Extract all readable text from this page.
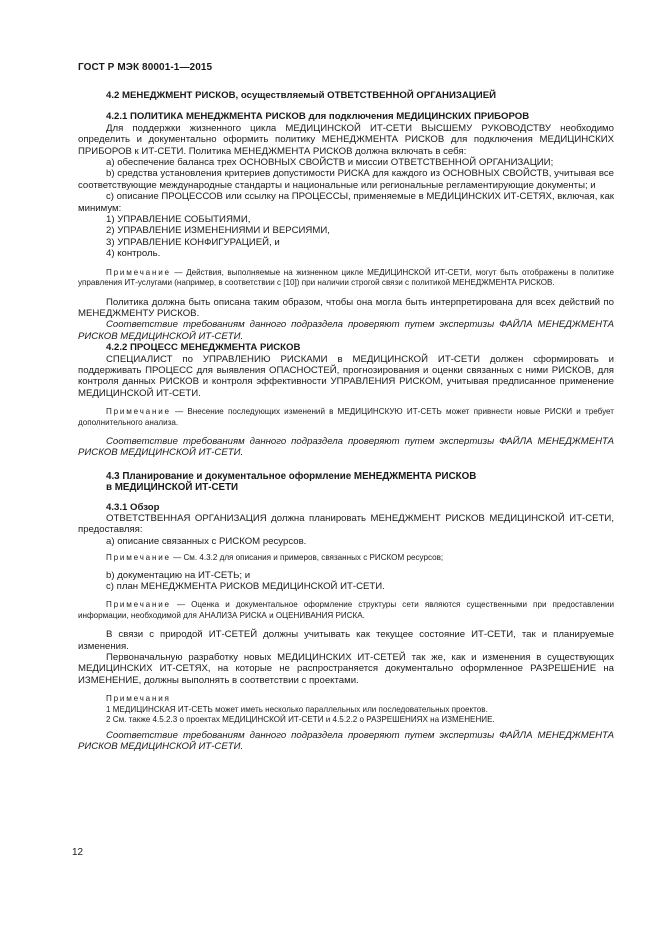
ГОСТ Р МЭК 80001-1—2015

4.2 МЕНЕДЖМЕНТ РИСКОВ, осуществляемый ОТВЕТСТВЕННОЙ ОРГАНИЗАЦИЕЙ

4.2.1 ПОЛИТИКА МЕНЕДЖМЕНТА РИСКОВ для подключения МЕДИЦИНСКИХ ПРИБОРОВ

Для поддержки жизненного цикла МЕДИЦИНСКОЙ ИТ-СЕТИ ВЫСШЕМУ РУКОВОДСТВУ необходимо определить и документально оформить политику МЕНЕДЖМЕНТА РИСКОВ для подключения МЕДИЦИНСКИХ ПРИБОРОВ к ИТ-СЕТИ. Политика МЕНЕДЖМЕНТА РИСКОВ должна включать в себя:

a) обеспечение баланса трех ОСНОВНЫХ СВОЙСТВ и миссии ОТВЕТСТВЕННОЙ ОРГАНИЗАЦИИ;

b) средства установления критериев допустимости РИСКА для каждого из ОСНОВНЫХ СВОЙСТВ, учитывая все соответствующие международные стандарты и национальные или региональные регламентирующие документы; и

c) описание ПРОЦЕССОВ или ссылку на ПРОЦЕССЫ, применяемые в МЕДИЦИНСКИХ ИТ-СЕТЯХ, включая, как минимум:

1) УПРАВЛЕНИЕ СОБЫТИЯМИ,

2) УПРАВЛЕНИЕ ИЗМЕНЕНИЯМИ И ВЕРСИЯМИ,

3) УПРАВЛЕНИЕ КОНФИГУРАЦИЕЙ, и

4) контроль.

Примечание — Действия, выполняемые на жизненном цикле МЕДИЦИНСКОЙ ИТ-СЕТИ, могут быть отображены в политике управления ИТ-услугами (например, в соответствии с [10]) при наличии строгой связи с политикой МЕНЕДЖМЕНТА РИСКОВ.

Политика должна быть описана таким образом, чтобы она могла быть интерпретирована для всех действий по МЕНЕДЖМЕНТУ РИСКОВ.

Соответствие требованиям данного подраздела проверяют путем экспертизы ФАЙЛА МЕНЕДЖМЕНТА РИСКОВ МЕДИЦИНСКОЙ ИТ-СЕТИ.

4.2.2 ПРОЦЕСС МЕНЕДЖМЕНТА РИСКОВ

СПЕЦИАЛИСТ по УПРАВЛЕНИЮ РИСКАМИ в МЕДИЦИНСКОЙ ИТ-СЕТИ должен сформировать и поддерживать ПРОЦЕСС для выявления ОПАСНОСТЕЙ, прогнозирования и оценки связанных с ними РИСКОВ, для контроля данных РИСКОВ и контроля эффективности УПРАВЛЕНИЯ РИСКОМ, учитывая предписанное применение МЕДИЦИНСКОЙ ИТ-СЕТИ.

Примечание — Внесение последующих изменений в МЕДИЦИНСКУЮ ИТ-СЕТЬ может привнести новые РИСКИ и требует дополнительного анализа.

Соответствие требованиям данного подраздела проверяют путем экспертизы ФАЙЛА МЕНЕДЖМЕНТА РИСКОВ МЕДИЦИНСКОЙ ИТ-СЕТИ.

4.3 Планирование и документальное оформление МЕНЕДЖМЕНТА РИСКОВ

в МЕДИЦИНСКОЙ ИТ-СЕТИ

4.3.1 Обзор

ОТВЕТСТВЕННАЯ ОРГАНИЗАЦИЯ должна планировать МЕНЕДЖМЕНТ РИСКОВ МЕДИЦИНСКОЙ ИТ-СЕТИ, предоставляя:

a) описание связанных с РИСКОМ ресурсов.

Примечание — См. 4.3.2 для описания и примеров, связанных с РИСКОМ ресурсов;

b) документацию на ИТ-СЕТЬ; и

c) план МЕНЕДЖМЕНТА РИСКОВ МЕДИЦИНСКОЙ ИТ-СЕТИ.

Примечание — Оценка и документальное оформление структуры сети являются существенными при предоставлении информации, необходимой для АНАЛИЗА РИСКА и ОЦЕНИВАНИЯ РИСКА.

В связи с природой ИТ-СЕТЕЙ должны учитывать как текущее состояние ИТ-СЕТИ, так и планируемые изменения.

Первоначальную разработку новых МЕДИЦИНСКИХ ИТ-СЕТЕЙ так же, как и изменения в существующих МЕДИЦИНСКИХ ИТ-СЕТЯХ, на которые не распространяется документально оформленное РАЗРЕШЕНИЕ на ИЗМЕНЕНИЕ, должны выполнять в соответствии с проектами.

Примечания

1 МЕДИЦИНСКАЯ ИТ-СЕТЬ может иметь несколько параллельных или последовательных проектов.

2 См. также 4.5.2.3 о проектах МЕДИЦИНСКОЙ ИТ-СЕТИ и 4.5.2.2 о РАЗРЕШЕНИЯХ на ИЗМЕНЕНИЕ.

Соответствие требованиям данного подраздела проверяют путем экспертизы ФАЙЛА МЕНЕДЖМЕНТА РИСКОВ МЕДИЦИНСКОЙ ИТ-СЕТИ.

12
